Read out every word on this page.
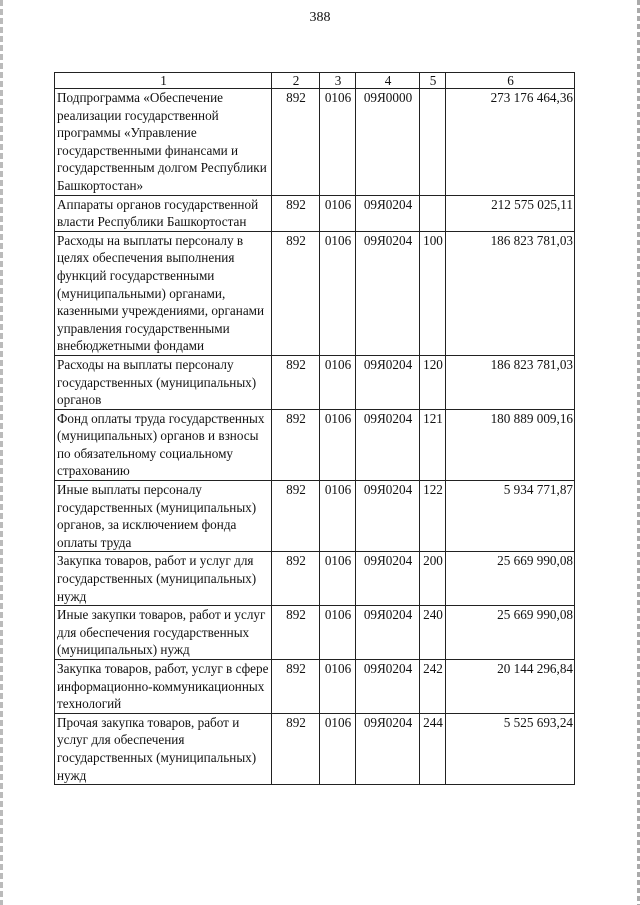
388
1	2	3	4	5	6
Подпрограмма «Обеспечение реализации государственной программы «Управление государственными финансами и государственным долгом Республики Башкортостан»	892	0106	09Я0000		273 176 464,36
Аппараты органов государственной власти Республики Башкортостан	892	0106	09Я0204		212 575 025,11
Расходы на выплаты персоналу в целях обеспечения выполнения функций государственными (муниципальными) органами, казенными учреждениями, органами управления государственными внебюджетными фондами	892	0106	09Я0204	100	186 823 781,03
Расходы на выплаты персоналу государственных (муниципальных) органов	892	0106	09Я0204	120	186 823 781,03
Фонд оплаты труда государственных (муниципальных) органов и взносы по обязательному социальному страхованию	892	0106	09Я0204	121	180 889 009,16
Иные выплаты персоналу государственных (муниципальных) органов, за исключением фонда оплаты труда	892	0106	09Я0204	122	5 934 771,87
Закупка товаров, работ и услуг для государственных (муниципальных) нужд	892	0106	09Я0204	200	25 669 990,08
Иные закупки товаров, работ и услуг для обеспечения государственных (муниципальных) нужд	892	0106	09Я0204	240	25 669 990,08
Закупка товаров, работ, услуг в сфере информационно-коммуникационных технологий	892	0106	09Я0204	242	20 144 296,84
Прочая закупка товаров, работ и услуг для обеспечения государственных (муниципальных) нужд	892	0106	09Я0204	244	5 525 693,24
